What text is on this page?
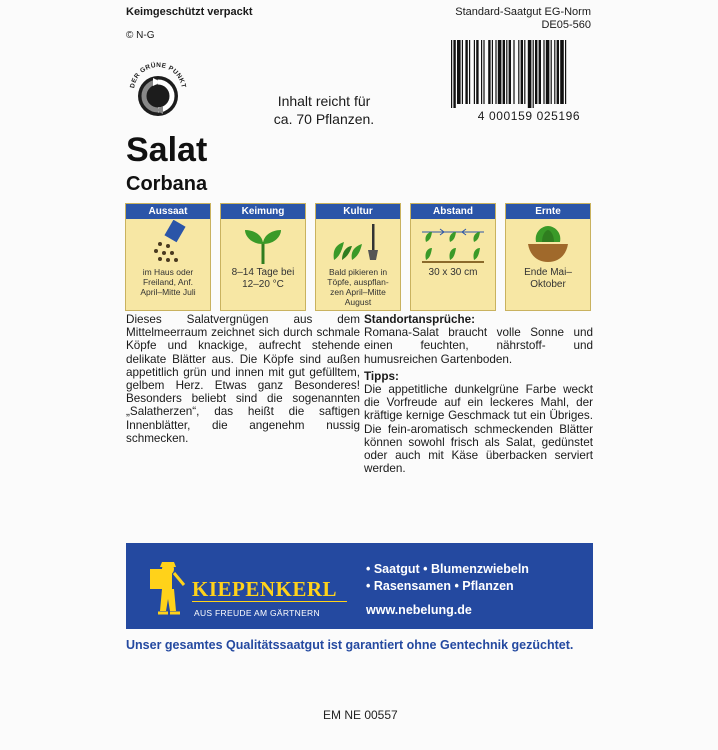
Keimgeschützt verpackt
© N-G
Standard-Saatgut EG-Norm
DE05-560
DER GRÜNE PUNKT
Inhalt reicht für
ca. 70 Pflanzen.	4 000159 025196
Salat
Corbana
Aussaat
im Haus oder
Freiland, Anf.
April–Mitte Juli
Keimung
8–14 Tage bei
12–20 °C
Kultur
Bald pikieren in
Töpfe, auspflan-
zen April–Mitte
August
Abstand
30 x 30 cm
Ernte
Ende Mai–
Oktober
Dieses Salatvergnügen aus dem Mittelmeerraum zeichnet sich durch schmale Köpfe und knackige, aufrecht stehende delikate Blätter aus. Die Köpfe sind außen appetitlich grün und innen mit gut gefülltem, gelbem Herz. Etwas ganz Besonderes! Besonders beliebt sind die sogenannten „Salatherzen“, das heißt die saftigen Innenblätter, die angenehm nussig schmecken.
Standortansprüche:
Romana-Salat braucht volle Sonne und einen feuchten, nährstoff- und humusreichen Gartenboden.
Tipps:
Die appetitliche dunkelgrüne Farbe weckt die Vorfreude auf ein leckeres Mahl, der kräftige kernige Geschmack tut ein Übriges. Die fein-aromatisch schmeckenden Blätter können sowohl frisch als Salat, gedünstet oder auch mit Käse überbacken serviert werden.
KIEPENKERL
AUS FREUDE AM GÄRTNERN
• Saatgut • Blumenzwiebeln
• Rasensamen • Pflanzen
www.nebelung.de
Unser gesamtes Qualitätssaatgut ist garantiert ohne Gentechnik gezüchtet.
EM NE 00557
